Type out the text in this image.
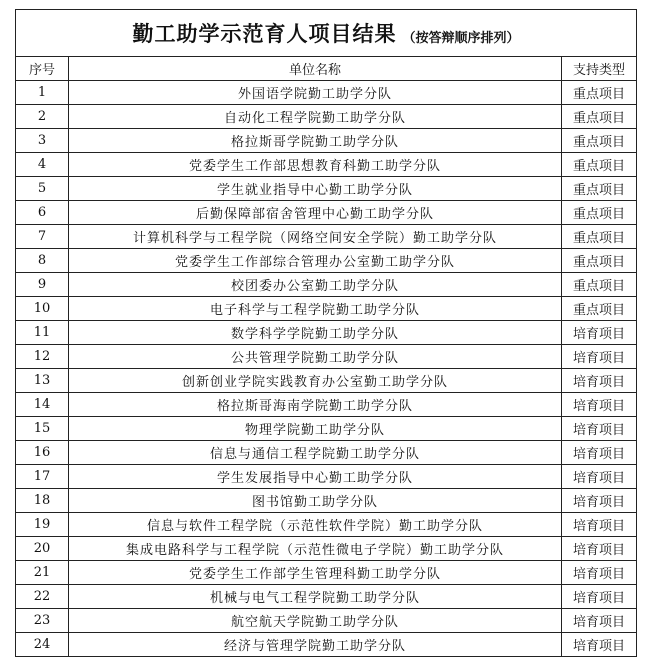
勤工助学示范育人项目结果 （按答辩顺序排列）
序号	单位名称	支持类型
1	外国语学院勤工助学分队	重点项目
2	自动化工程学院勤工助学分队	重点项目
3	格拉斯哥学院勤工助学分队	重点项目
4	党委学生工作部思想教育科勤工助学分队	重点项目
5	学生就业指导中心勤工助学分队	重点项目
6	后勤保障部宿舍管理中心勤工助学分队	重点项目
7	计算机科学与工程学院（网络空间安全学院）勤工助学分队	重点项目
8	党委学生工作部综合管理办公室勤工助学分队	重点项目
9	校团委办公室勤工助学分队	重点项目
10	电子科学与工程学院勤工助学分队	重点项目
11	数学科学学院勤工助学分队	培育项目
12	公共管理学院勤工助学分队	培育项目
13	创新创业学院实践教育办公室勤工助学分队	培育项目
14	格拉斯哥海南学院勤工助学分队	培育项目
15	物理学院勤工助学分队	培育项目
16	信息与通信工程学院勤工助学分队	培育项目
17	学生发展指导中心勤工助学分队	培育项目
18	图书馆勤工助学分队	培育项目
19	信息与软件工程学院（示范性软件学院）勤工助学分队	培育项目
20	集成电路科学与工程学院（示范性微电子学院）勤工助学分队	培育项目
21	党委学生工作部学生管理科勤工助学分队	培育项目
22	机械与电气工程学院勤工助学分队	培育项目
23	航空航天学院勤工助学分队	培育项目
24	经济与管理学院勤工助学分队	培育项目
